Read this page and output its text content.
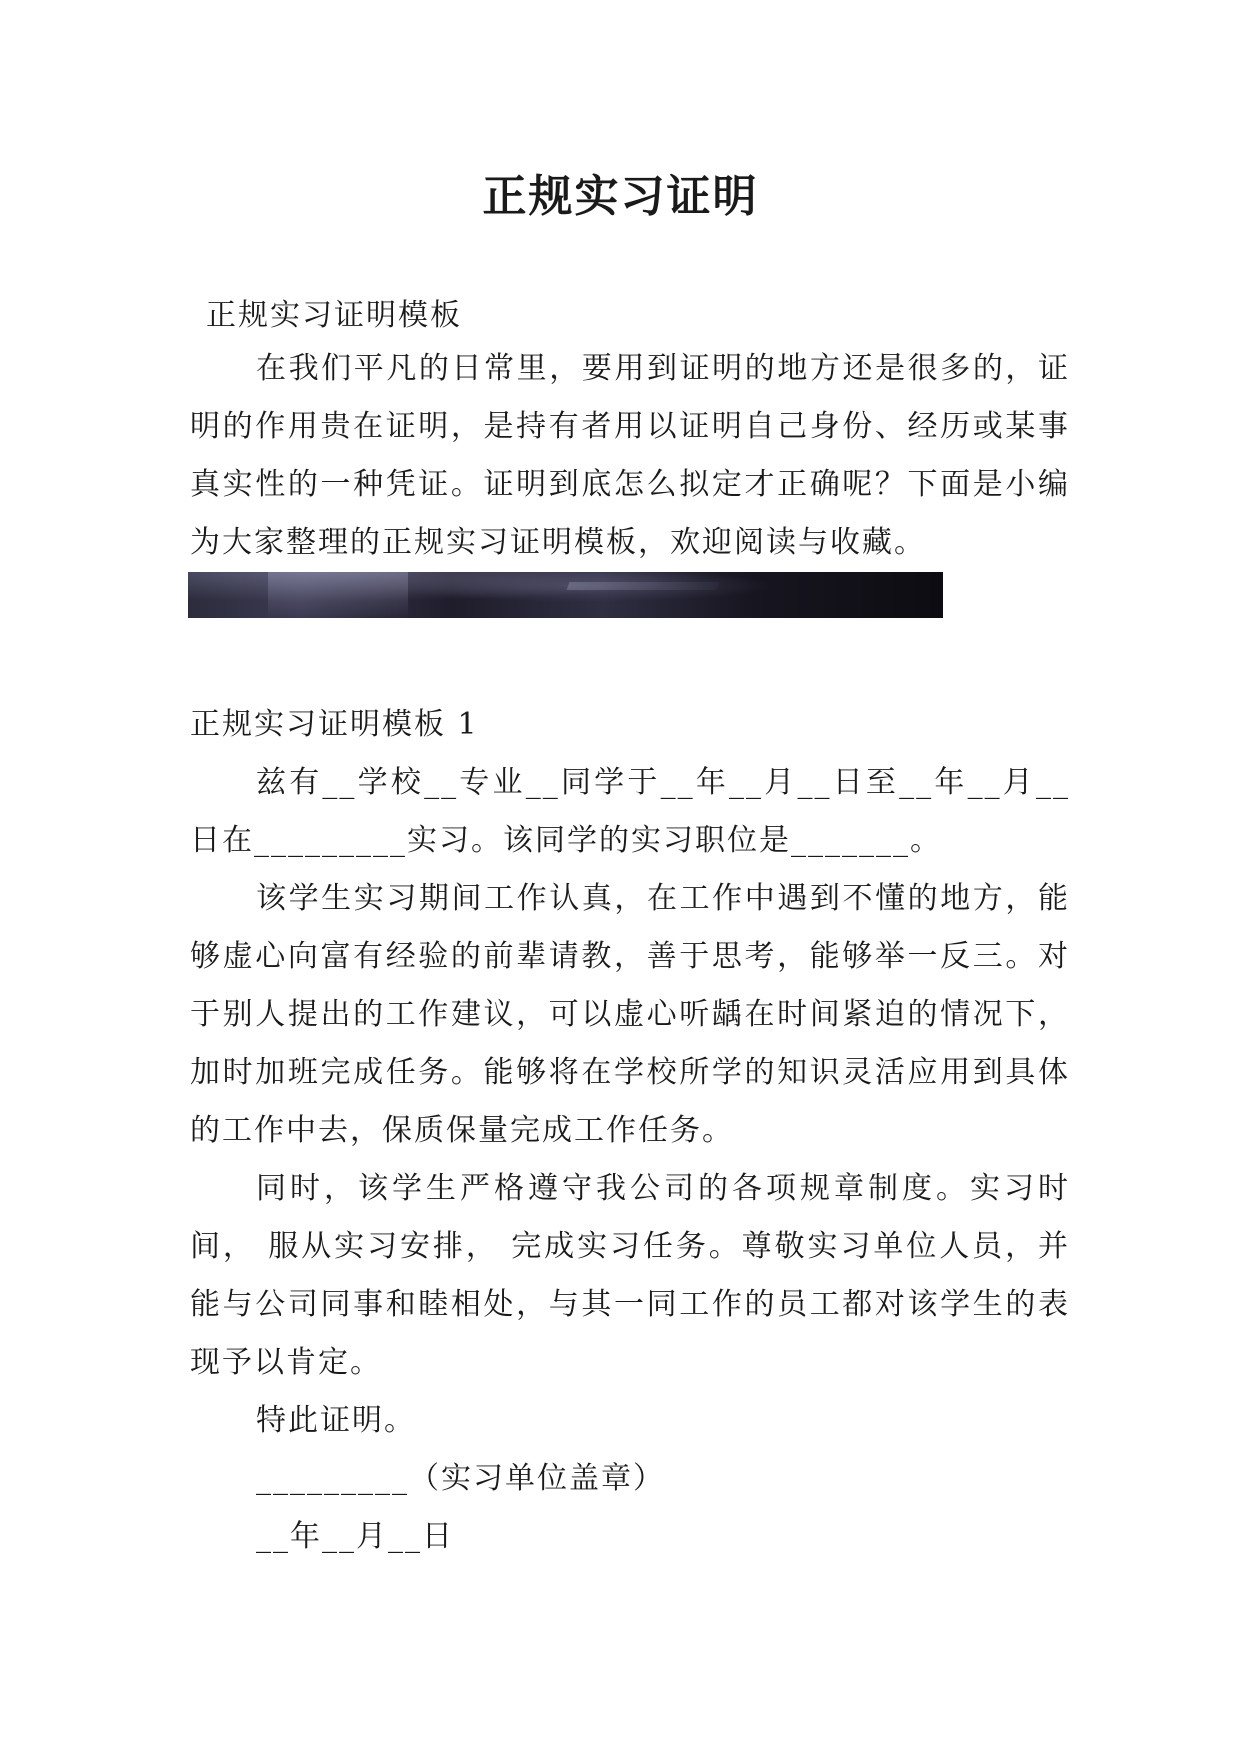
正规实习证明
正规实习证明模板
在我们平凡的日常里，要用到证明的地方还是很多的，证明的作用贵在证明，是持有者用以证明自己身份、经历或某事真实性的一种凭证。证明到底怎么拟定才正确呢？下面是小编为大家整理的正规实习证明模板，欢迎阅读与收藏。
正规实习证明模板 1
兹有__学校__专业__同学于__年__月__日至__年__月__日在_________实习。该同学的实习职位是_______。
该学生实习期间工作认真，在工作中遇到不懂的地方，能够虚心向富有经验的前辈请教，善于思考，能够举一反三。对于别人提出的工作建议，可以虚心听龋在时间紧迫的情况下，加时加班完成任务。能够将在学校所学的知识灵活应用到具体的工作中去，保质保量完成工作任务。
同时，该学生严格遵守我公司的各项规章制度。实习时间， 服从实习安排， 完成实习任务。尊敬实习单位人员，并能与公司同事和睦相处，与其一同工作的员工都对该学生的表现予以肯定。
特此证明。
_________（实习单位盖章）
__年__月__日
